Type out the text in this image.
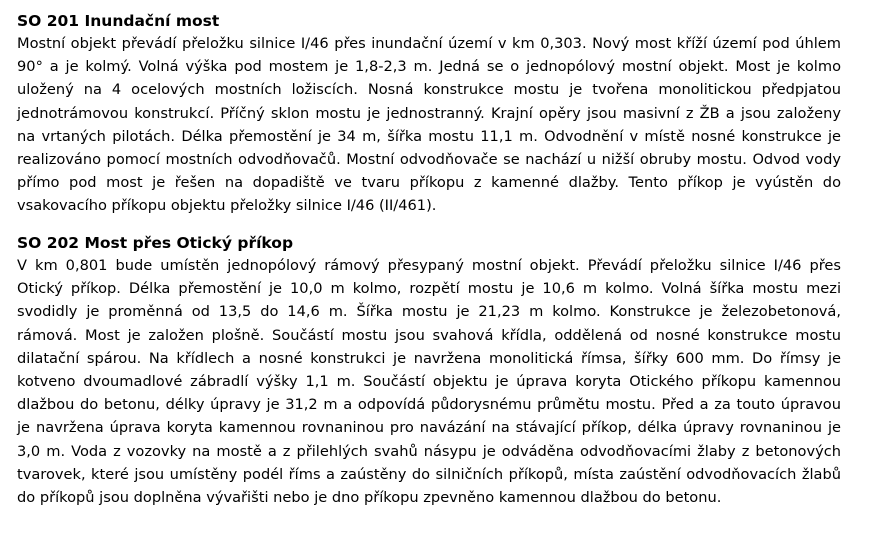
SO 201 Inundační most
Mostní objekt převádí přeložku silnice I/46 přes inundační území v km 0,303. Nový most kříží území pod úhlem
90° a je kolmý. Volná výška pod mostem je 1,8-2,3 m. Jedná se o jednopólový mostní objekt. Most je kolmo
uložený na 4 ocelových mostních ložiscích. Nosná konstrukce mostu je tvořena monolitickou předpjatou
jednotrámovou konstrukcí. Příčný sklon mostu je jednostranný. Krajní opěry jsou masivní z ŽB a jsou založeny
na vrtaných pilotách. Délka přemostění je 34 m, šířka mostu 11,1 m. Odvodnění v místě nosné konstrukce je
realizováno pomocí mostních odvodňovačů. Mostní odvodňovače se nachází u nižší obruby mostu. Odvod vody
přímo pod most je řešen na dopadiště ve tvaru příkopu z kamenné dlažby. Tento příkop je vyústěn do
vsakovacího příkopu objektu přeložky silnice I/46 (II/461).
SO 202 Most přes Otický příkop
V km 0,801 bude umístěn jednopólový rámový přesypaný mostní objekt. Převádí přeložku silnice I/46 přes
Otický příkop. Délka přemostění je 10,0 m kolmo, rozpětí mostu je 10,6 m kolmo. Volná šířka mostu mezi
svodidly je proměnná od 13,5 do 14,6 m. Šířka mostu je 21,23 m kolmo. Konstrukce je železobetonová,
rámová. Most je založen plošně. Součástí mostu jsou svahová křídla, oddělená od nosné konstrukce mostu
dilatační spárou. Na křídlech a nosné konstrukci je navržena monolitická římsa, šířky 600 mm. Do římsy je
kotveno dvoumadlové zábradlí výšky 1,1 m. Součástí objektu je úprava koryta Otického příkopu kamennou
dlažbou do betonu, délky úpravy je 31,2 m a odpovídá půdorysnému průmětu mostu. Před a za touto úpravou
je navržena úprava koryta kamennou rovnaninou pro navázání na stávající příkop, délka úpravy rovnaninou je
3,0 m. Voda z vozovky na mostě a z přilehlých svahů násypu je odváděna odvodňovacími žlaby z betonových
tvarovek, které jsou umístěny podél říms a zaústěny do silničních příkopů, místa zaústění odvodňovacích žlabů
do příkopů jsou doplněna vývařišti nebo je dno příkopu zpevněno kamennou dlažbou do betonu.
